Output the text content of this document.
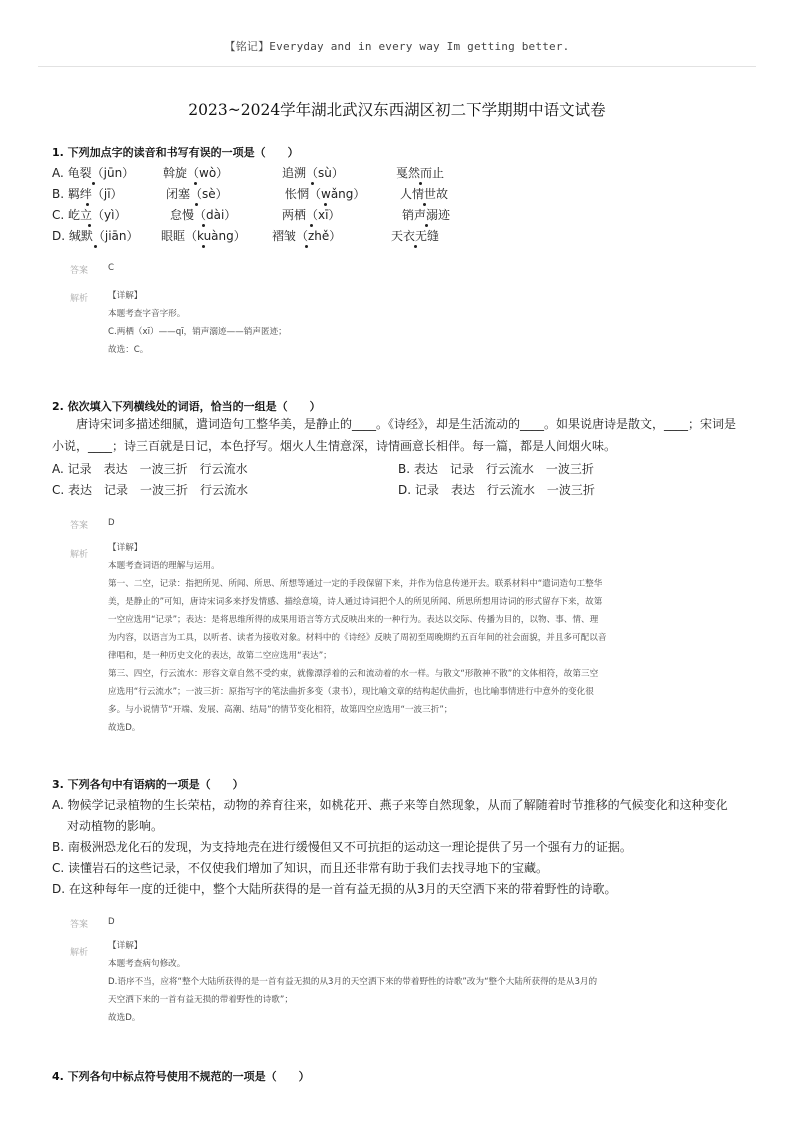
【铭记】Everyday and in every way Im getting better.
2023~2024学年湖北武汉东西湖区初二下学期期中语文试卷
1. 下列加点字的读音和书写有误的一项是（　　）
A. 龟裂（jūn） 斡旋（wò）	追溯（sù）	戛然而止
B. 羁绊（jī）	闭塞（sè）	怅惘（wǎng）	人情世故
C. 屹立（yì）	怠慢（dài）	两栖（xī）	销声溺迹
D. 缄默（jiān） 眼眶（kuàng） 褶皱（zhě）	天衣无缝
答案 C
解析 【详解】
本题考查字音字形。
C.两栖（xī）——qī，销声溺迹——销声匿迹；
故选：C。
2. 依次填入下列横线处的词语，恰当的一组是（　　）
唐诗宋词多描述细腻，遣词造句工整华美，是静止的____。《诗经》，却是生活流动的____。如果说唐诗是散文，____；宋词是
小说，____；诗三百就是日记，本色抒写。烟火人生情意深，诗情画意长相伴。每一篇，都是人间烟火味。
A. 记录　表达　一波三折　行云流水	B. 表达　记录　行云流水　一波三折
C. 表达　记录　一波三折　行云流水	D. 记录　表达　行云流水　一波三折
答案 D
解析
【详解】
本题考查词语的理解与运用。
第一、二空，记录：指把所见、所闻、所思、所想等通过一定的手段保留下来，并作为信息传递开去。联系材料中“遣词造句工整华
美，是静止的”可知，唐诗宋词多来抒发情感、描绘意境，诗人通过诗词把个人的所见所闻、所思所想用诗词的形式留存下来，故第
一空应选用“记录”；表达：是将思维所得的成果用语言等方式反映出来的一种行为。表达以交际、传播为目的，以物、事、情、理
为内容，以语言为工具，以听者、读者为接收对象。材料中的《诗经》反映了周初至周晚期约五百年间的社会面貌，并且多可配以音
律唱和，是一种历史文化的表达，故第二空应选用“表达”；
第三、四空，行云流水：形容文章自然不受约束，就像漂浮着的云和流动着的水一样。与散文“形散神不散”的文体相符，故第三空
应选用“行云流水”；一波三折：原指写字的笔法曲折多变（隶书），现比喻文章的结构起伏曲折，也比喻事情进行中意外的变化很
多。与小说情节“开端、发展、高潮、结局”的情节变化相符，故第四空应选用“一波三折”；
故选D。
3. 下列各句中有语病的一项是（　　）
A. 物候学记录植物的生长荣枯，动物的养育往来，如桃花开、燕子来等自然现象，从而了解随着时节推移的气候变化和这种变化
对动植物的影响。
B. 南极洲恐龙化石的发现，为支持地壳在进行缓慢但又不可抗拒的运动这一理论提供了另一个强有力的证据。
C. 读懂岩石的这些记录，不仅使我们增加了知识，而且还非常有助于我们去找寻地下的宝藏。
D. 在这种每年一度的迁徙中，整个大陆所获得的是一首有益无损的从3月的天空洒下来的带着野性的诗歌。
答案 D
解析
【详解】
本题考查病句修改。
D.语序不当，应将“整个大陆所获得的是一首有益无损的从3月的天空洒下来的带着野性的诗歌”改为“整个大陆所获得的是从3月的
天空洒下来的一首有益无损的带着野性的诗歌”；
故选D。
4. 下列各句中标点符号使用不规范的一项是（　　）
